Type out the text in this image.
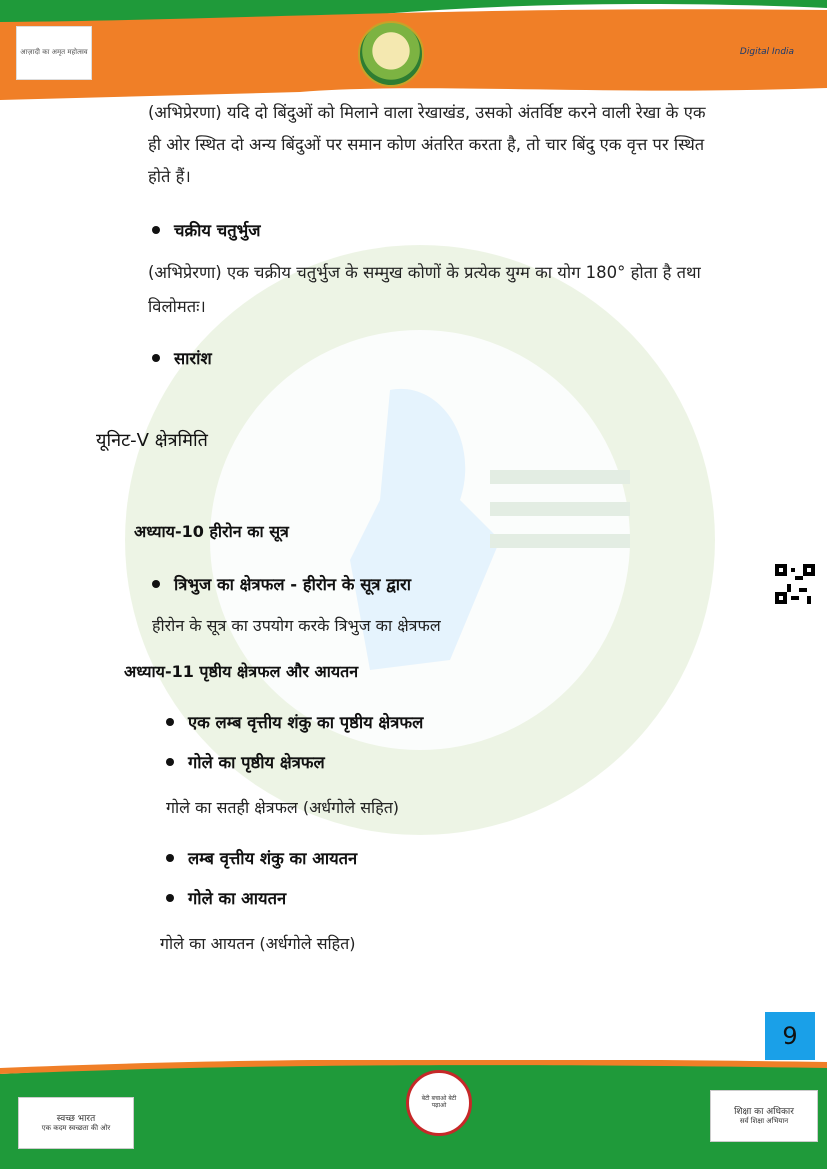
आज़ादी का अमृत महोत्सव	Digital India

(अभिप्रेरणा) यदि दो बिंदुओं को मिलाने वाला रेखाखंड, उसको अंतर्विष्ट करने वाली रेखा के एक

ही ओर स्थित दो अन्य बिंदुओं पर समान कोण अंतरित करता है, तो चार बिंदु एक वृत्त पर स्थित

होते हैं।

चक्रीय चतुर्भुज

(अभिप्रेरणा) एक चक्रीय चतुर्भुज के सम्मुख कोणों के प्रत्येक युग्म का योग 180° होता है तथा

विलोमतः।

सारांश

यूनिट-V क्षेत्रमिति

अध्याय-10 हीरोन का सूत्र

त्रिभुज का क्षेत्रफल - हीरोन के सूत्र द्वारा

हीरोन के सूत्र का उपयोग करके त्रिभुज का क्षेत्रफल

अध्याय-11 पृष्ठीय क्षेत्रफल और आयतन

एक लम्ब वृत्तीय शंकु का पृष्ठीय क्षेत्रफल
गोले का पृष्ठीय क्षेत्रफल

गोले का सतही क्षेत्रफल (अर्धगोले सहित)

लम्ब वृत्तीय शंकु का आयतन
गोले का आयतन

गोले का आयतन (अर्धगोले सहित)

9
स्वच्छ भारत
एक कदम स्वच्छता की ओर
बेटी बचाओ बेटी पढ़ाओ
शिक्षा का अधिकार
सर्व शिक्षा अभियान
